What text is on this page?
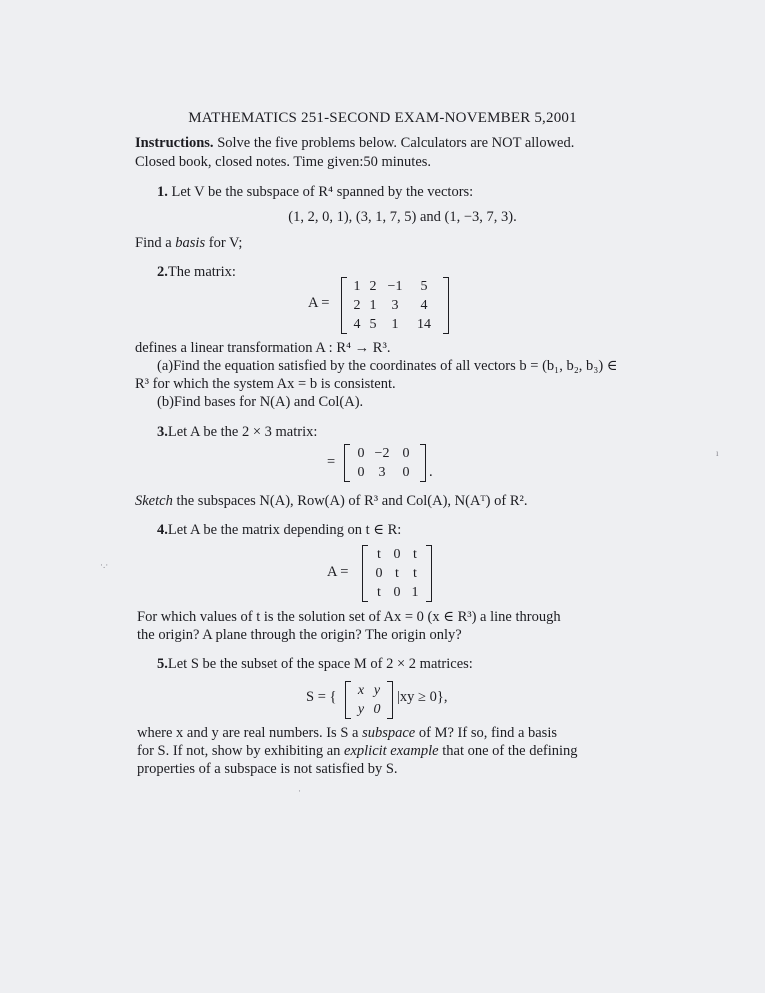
MATHEMATICS 251-SECOND EXAM-NOVEMBER 5,2001
Instructions. Solve the five problems below. Calculators are NOT allowed.
Closed book, closed notes. Time given:50 minutes.
1. Let V be the subspace of R⁴ spanned by the vectors:
(1, 2, 0, 1), (3, 1, 7, 5) and (1, −3, 7, 3).
Find a basis for V;
2.The matrix:
A =
1 2 −1	5
2 1	3	4
4 5	1	14
defines a linear transformation A : R⁴ → R³.
(a)Find the equation satisfied by the coordinates of all vectors b = (b₁, b₂, b₃) ∈
R³ for which the system Ax = b is consistent.
(b)Find bases for N(A) and Col(A).
3.Let A be the 2 × 3 matrix:
=
0 −2 0
0	3	0	.
Sketch the subspaces N(A), Row(A) of R³ and Col(A), N(Aᵀ) of R².
4.Let A be the matrix depending on t ∈ R:
A =
t 0 t
0 t	t
t 0 1
For which values of t is the solution set of Ax = 0 (x ∈ R³) a line through
the origin? A plane through the origin? The origin only?
5.Let S be the subset of the space M of 2 × 2 matrices:
S = {	x y
y 0
|xy ≥ 0},
where x and y are real numbers. Is S a subspace of M? If so, find a basis
for S. If not, show by exhibiting an explicit example that one of the defining
properties of a subspace is not satisfied by S.
·.·
ı
·
